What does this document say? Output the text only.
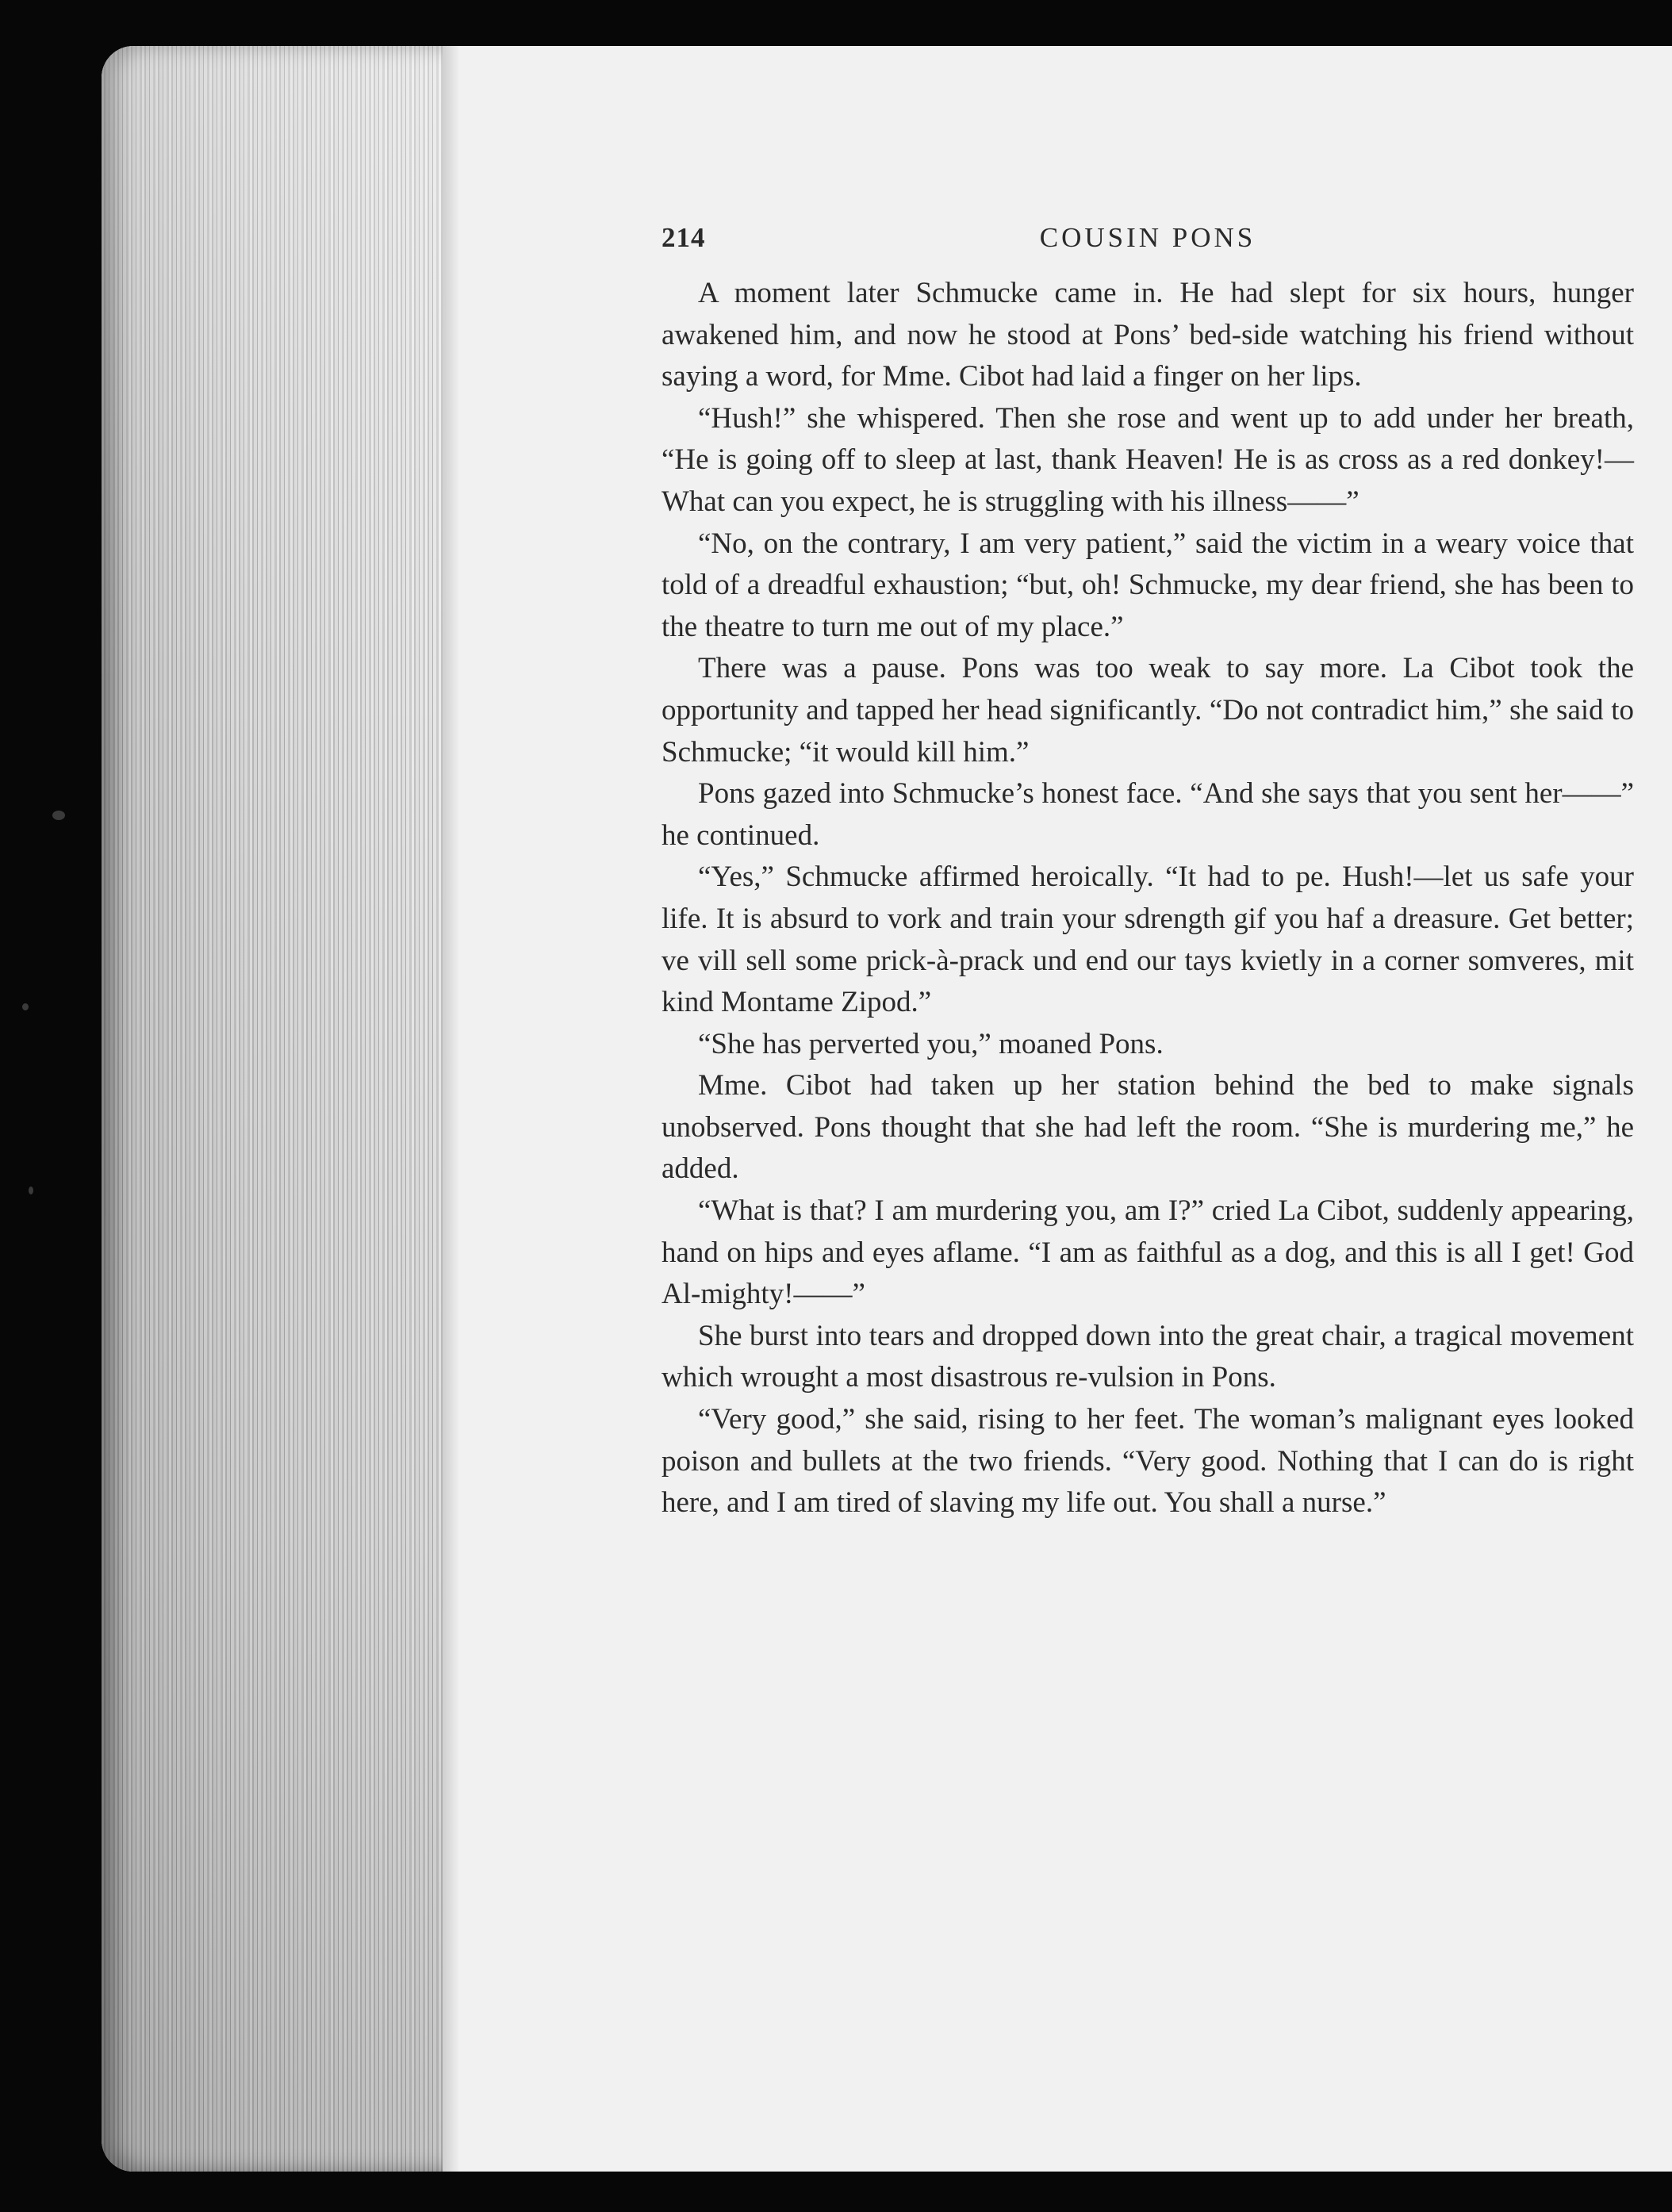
214	COUSIN PONS

A moment later Schmucke came in. He had slept for six hours, hunger awakened him, and now he stood at Pons’ bed-side watching his friend without saying a word, for Mme. Cibot had laid a finger on her lips.

“Hush!” she whispered. Then she rose and went up to add under her breath, “He is going off to sleep at last, thank Heaven! He is as cross as a red donkey!—What can you expect, he is struggling with his illness——”

“No, on the contrary, I am very patient,” said the victim in a weary voice that told of a dreadful exhaustion; “but, oh! Schmucke, my dear friend, she has been to the theatre to turn me out of my place.”

There was a pause. Pons was too weak to say more. La Cibot took the opportunity and tapped her head significantly. “Do not contradict him,” she said to Schmucke; “it would kill him.”

Pons gazed into Schmucke’s honest face. “And she says that you sent her——” he continued.

“Yes,” Schmucke affirmed heroically. “It had to pe. Hush!—let us safe your life. It is absurd to vork and train your sdrength gif you haf a dreasure. Get better; ve vill sell some prick-à-prack und end our tays kvietly in a corner somveres, mit kind Montame Zipod.”

“She has perverted you,” moaned Pons.

Mme. Cibot had taken up her station behind the bed to make signals unobserved. Pons thought that she had left the room. “She is murdering me,” he added.

“What is that? I am murdering you, am I?” cried La Cibot, suddenly appearing, hand on hips and eyes aflame. “I am as faithful as a dog, and this is all I get! God Al-mighty!——”

She burst into tears and dropped down into the great chair, a tragical movement which wrought a most disastrous re-vulsion in Pons.

“Very good,” she said, rising to her feet. The woman’s malignant eyes looked poison and bullets at the two friends. “Very good. Nothing that I can do is right here, and I am tired of slaving my life out. You shall a nurse.”
